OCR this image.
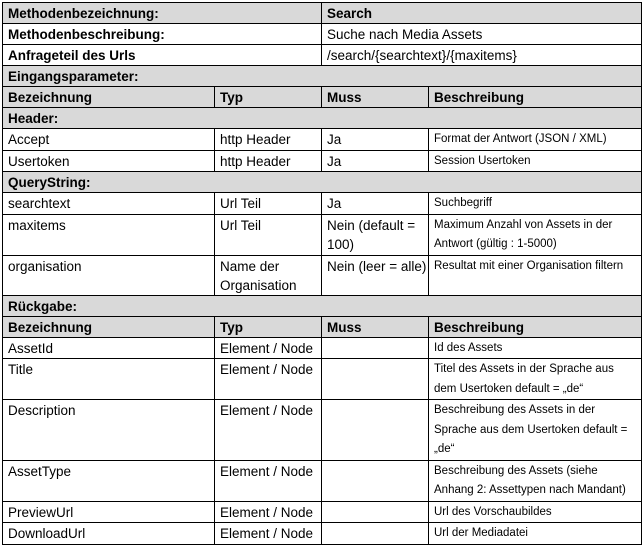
Methodenbezeichnung:		Search	
Methodenbeschreibung:		Suche nach Media Assets	
Anfrageteil des Urls		/search/{searchtext}/{maxitems}	
Eingangsparameter:			
Bezeichnung	Typ	Muss	Beschreibung
Header:			
Accept	http Header	Ja	Format der Antwort (JSON / XML)
Usertoken	http Header	Ja	Session Usertoken
QueryString:			
searchtext	Url Teil	Ja	Suchbegriff
maxitems	Url Teil	Nein (default = 100)	Maximum Anzahl von Assets in der Antwort (gültig : 1-5000)
organisation	Name der Organisation	Nein (leer = alle)	Resultat mit einer Organisation filtern
Rückgabe:			
Bezeichnung	Typ	Muss	Beschreibung
AssetId	Element / Node		Id des Assets
Title	Element / Node		Titel des Assets in der Sprache aus dem Usertoken default = „de“
Description	Element / Node		Beschreibung des Assets in der Sprache aus dem Usertoken default = „de“
AssetType	Element / Node		Beschreibung des Assets (siehe Anhang 2: Assettypen nach Mandant)
PreviewUrl	Element / Node		Url des Vorschaubildes
DownloadUrl	Element / Node		Url der Mediadatei
